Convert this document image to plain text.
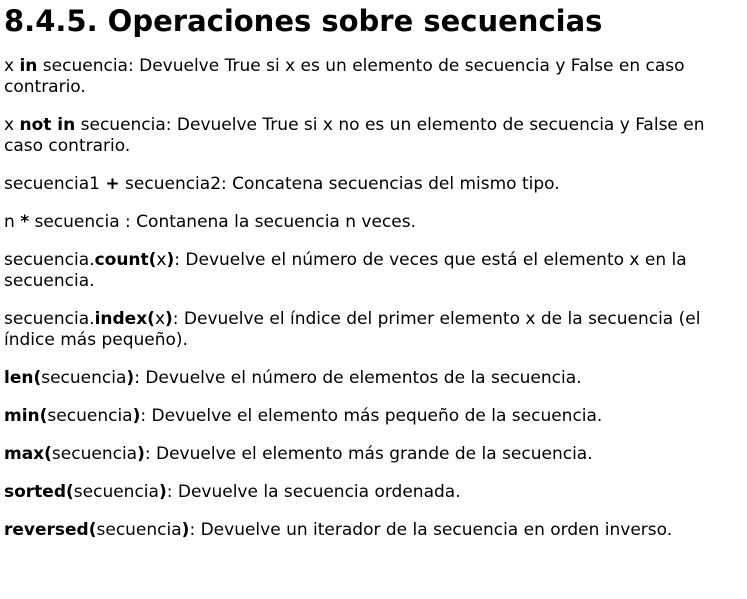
8.4.5. Operaciones sobre secuencias

x in secuencia: Devuelve True si x es un elemento de secuencia y False en caso contrario.

x not in secuencia: Devuelve True si x no es un elemento de secuencia y False en caso contrario.

secuencia1 + secuencia2: Concatena secuencias del mismo tipo.

n * secuencia : Contanena la secuencia n veces.

secuencia.count(x): Devuelve el número de veces que está el elemento x en la secuencia.

secuencia.index(x): Devuelve el índice del primer elemento x de la secuencia (el índice más pequeño).

len(secuencia): Devuelve el número de elementos de la secuencia.

min(secuencia): Devuelve el elemento más pequeño de la secuencia.

max(secuencia): Devuelve el elemento más grande de la secuencia.

sorted(secuencia): Devuelve la secuencia ordenada.

reversed(secuencia): Devuelve un iterador de la secuencia en orden inverso.
